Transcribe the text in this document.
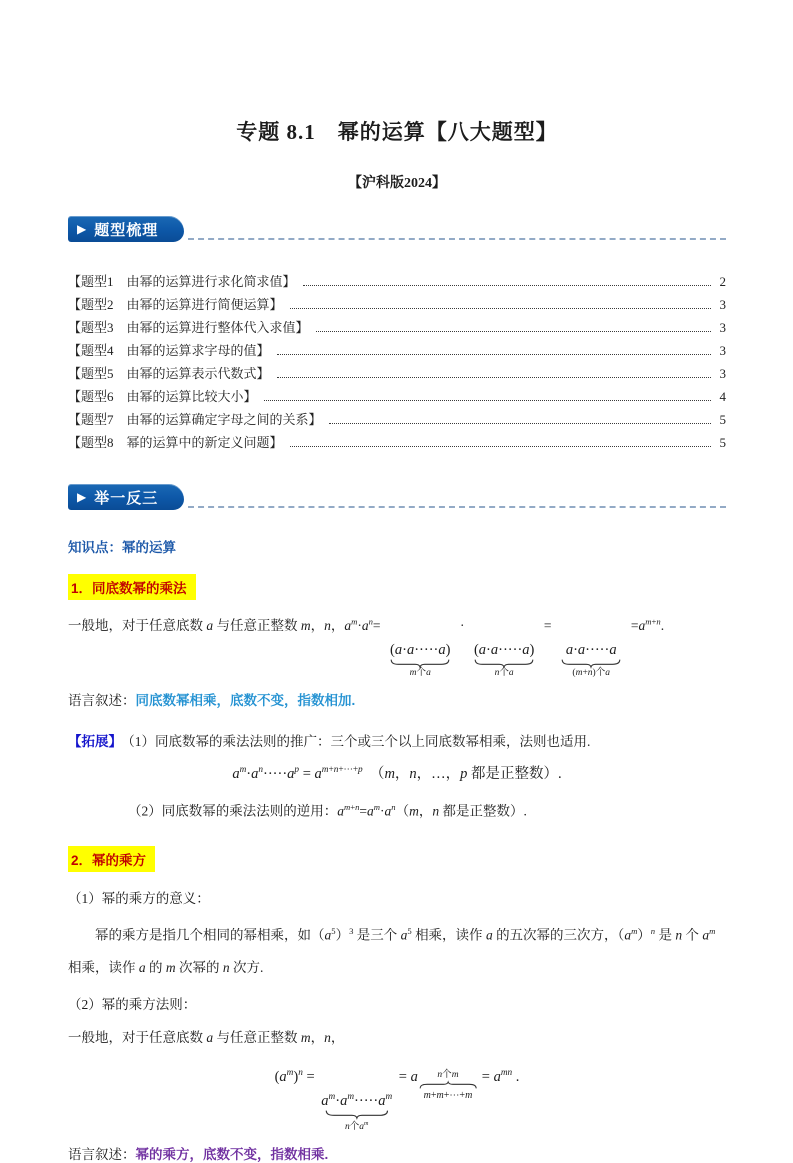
专题 8.1　幂的运算【八大题型】
【沪科版2024】
▶ 题型梳理
【题型1　由幂的运算进行求化简求值】	2
【题型2　由幂的运算进行简便运算】	3
【题型3　由幂的运算进行整体代入求值】	3
【题型4　由幂的运算求字母的值】	3
【题型5　由幂的运算表示代数式】	3
【题型6　由幂的运算比较大小】	4
【题型7　由幂的运算确定字母之间的关系】	5
【题型8　幂的运算中的新定义问题】	5
▶ 举一反三
知识点：幂的运算
1．同底数幂的乘法

一般地，对于任意底数 a 与任意正整数 m，n，$a^m\cdot a^n=$
(a·a·····a)
m个a
·
(a·a·····a)
n个a
=
a·a·····a
(m+n)个a
$=a^{m+n}$.

语言叙述：同底数幂相乘，底数不变，指数相加.

【拓展】 （1）同底数幂的乘法法则的推广：三个或三个以上同底数幂相乘，法则也适用.

$a^m\cdot a^n\cdot\cdot\cdot\cdot\cdot a^p = a^{m+n+\cdots+p}$　（m，n，…，p 都是正整数）.

（2）同底数幂的乘法法则的逆用：$a^{m+n}=a^m\cdot a^n(m$，n 都是正整数）.

2．幂的乘方

（1）幂的乘方的意义：

幂的乘方是指几个相同的幂相乘，如$(a^5)^3$ 是三个 $a^5$ 相乘，读作 a 的五次幂的三次方，$(a^m)^n$ 是 n 个 $a^m$ 相乘，读作 a 的 m 次幂的 n 次方.

（2）幂的乘方法则：

一般地，对于任意底数 a 与任意正整数 m，n，

$(a^m)^n$ =
$a^m\cdot a^m\cdot\cdot\cdot\cdot\cdot a^m$
n个$a^m$
= a n个m
m+m+⋯+m
= $a^{mn}$ .

语言叙述：幂的乘方，底数不变，指数相乘.
